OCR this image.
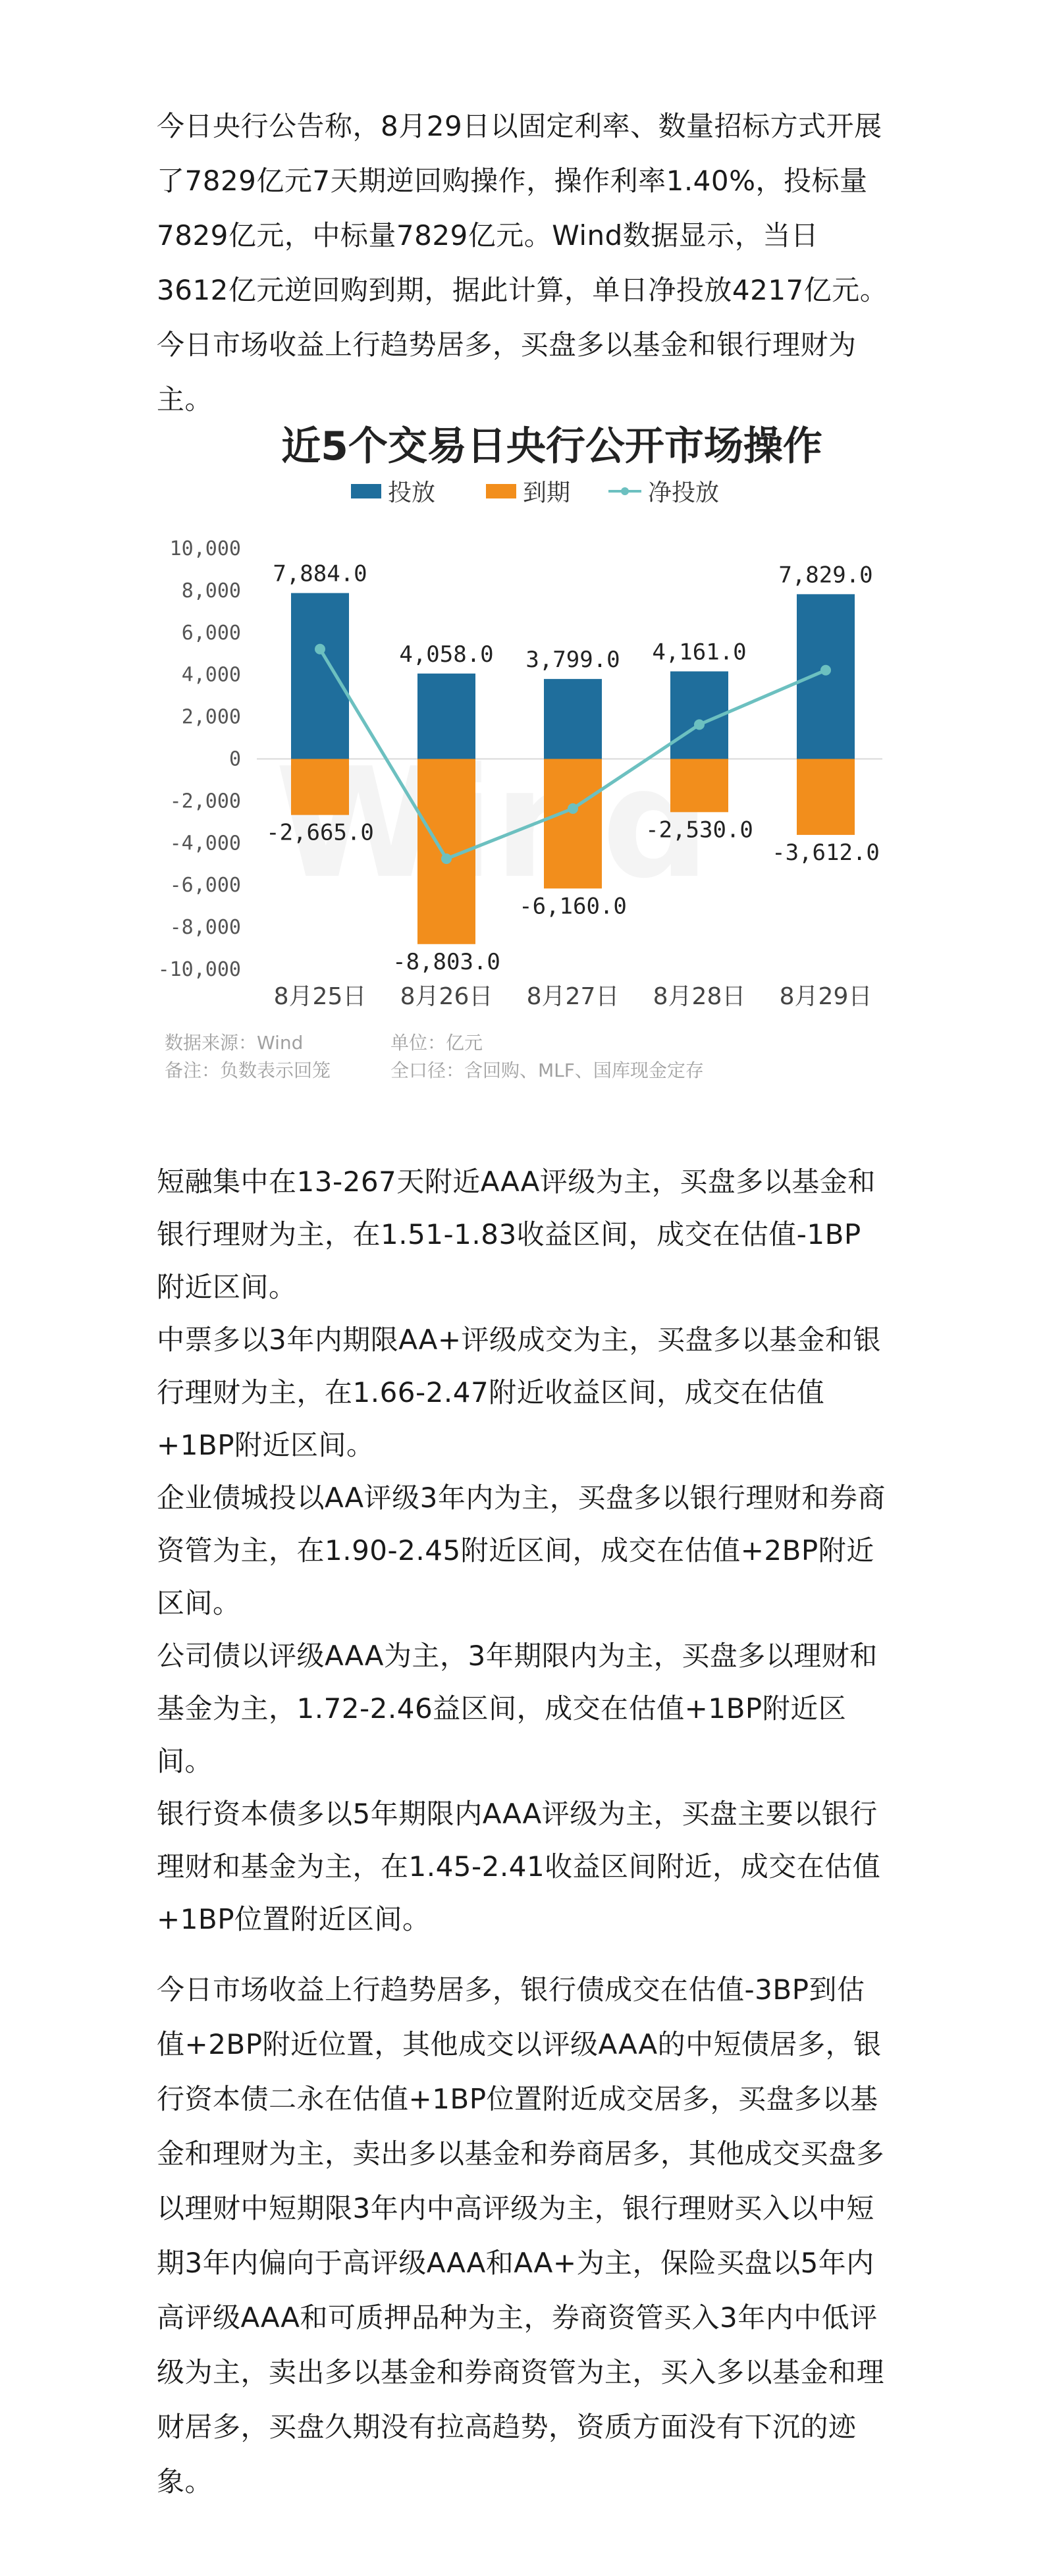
今日央行公告称，8月29日以固定利率、数量招标方式开展了7829亿元7天期逆回购操作，操作利率1.40%，投标量7829亿元，中标量7829亿元。Wind数据显示，当日3612亿元逆回购到期，据此计算，单日净投放4217亿元。今日市场收益上行趋势居多，买盘多以基金和银行理财为主。

近5个交易日央行公开市场操作
投放	到期	净投放
10,000
8,000
6,000
4,000
2,000
0
-2,000
-4,000
-6,000
-8,000
-10,000
7,884.0
4,058.0 3,799.0 4,161.0
7,829.0
-2,665.0
-8,803.0
-6,160.0
-2,530.0
-3,612.0
8月25日 8月26日 8月27日 8月28日 8月29日
数据来源：Wind	单位：亿元
备注：负数表示回笼	全口径：含回购、MLF、国库现金定存

短融集中在13-267天附近AAA评级为主，买盘多以基金和银行理财为主，在1.51-1.83收益区间，成交在估值-1BP附近区间。

中票多以3年内期限AA+评级成交为主，买盘多以基金和银行理财为主，在1.66-2.47附近收益区间，成交在估值+1BP附近区间。

企业债城投以AA评级3年内为主，买盘多以银行理财和券商资管为主，在1.90-2.45附近区间，成交在估值+2BP附近区间。

公司债以评级AAA为主，3年期限内为主，买盘多以理财和基金为主，1.72-2.46益区间，成交在估值+1BP附近区间。

银行资本债多以5年期限内AAA评级为主，买盘主要以银行理财和基金为主，在1.45-2.41收益区间附近，成交在估值+1BP位置附近区间。

今日市场收益上行趋势居多，银行债成交在估值-3BP到估值+2BP附近位置，其他成交以评级AAA的中短债居多，银行资本债二永在估值+1BP位置附近成交居多，买盘多以基金和理财为主，卖出多以基金和券商居多，其他成交买盘多以理财中短期限3年内中高评级为主，银行理财买入以中短期3年内偏向于高评级AAA和AA+为主，保险买盘以5年内高评级AAA和可质押品种为主，券商资管买入3年内中低评级为主，卖出多以基金和券商资管为主，买入多以基金和理财居多，买盘久期没有拉高趋势，资质方面没有下沉的迹象。
